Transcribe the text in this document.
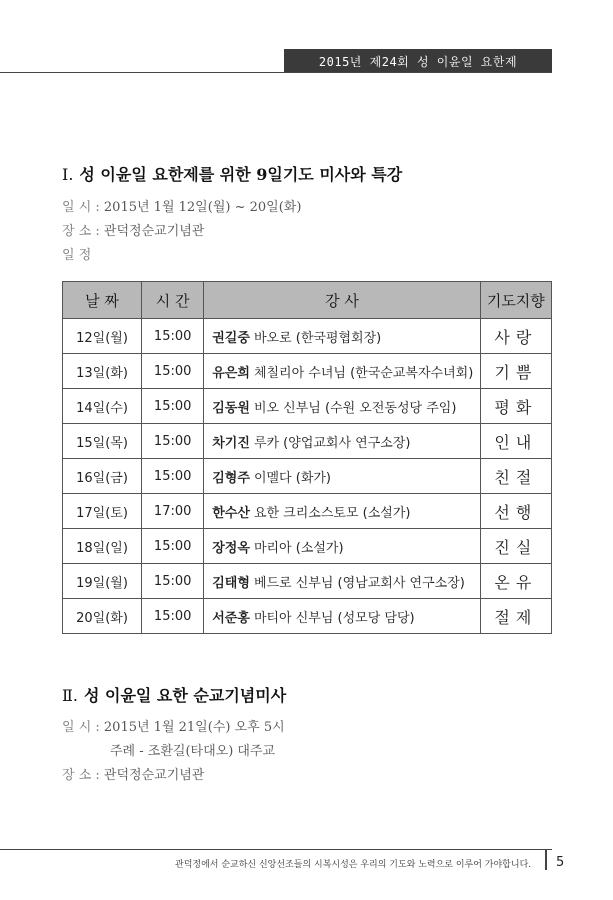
2015년 제24회 성 이윤일 요한제
Ⅰ. 성 이윤일 요한제를 위한 9일기도 미사와 특강
일 시 : 2015년 1월 12일(월) ~ 20일(화)
장 소 : 관덕정순교기념관
일 정
날 짜	시 간	강 사	기도지향
12일(월)	15:00	권길중 바오로 (한국평협회장)	사랑
13일(화)	15:00	유은희 체칠리아 수녀님 (한국순교복자수녀회)	기쁨
14일(수)	15:00	김동원 비오 신부님 (수원 오전동성당 주임)	평화
15일(목)	15:00	차기진 루카 (양업교회사 연구소장)	인내
16일(금)	15:00	김형주 이멜다 (화가)	친절
17일(토)	17:00	한수산 요한 크리소스토모 (소설가)	선행
18일(일)	15:00	장정옥 마리아 (소설가)	진실
19일(월)	15:00	김태형 베드로 신부님 (영남교회사 연구소장)	온유
20일(화)	15:00	서준홍 마티아 신부님 (성모당 담당)	절제
Ⅱ. 성 이윤일 요한 순교기념미사
일 시 : 2015년 1월 21일(수) 오후 5시
주례 - 조환길(타대오) 대주교
장 소 : 관덕정순교기념관
관덕정에서 순교하신 신앙선조들의 시복시성은 우리의 기도와 노력으로 이루어 가야합니다. 5
